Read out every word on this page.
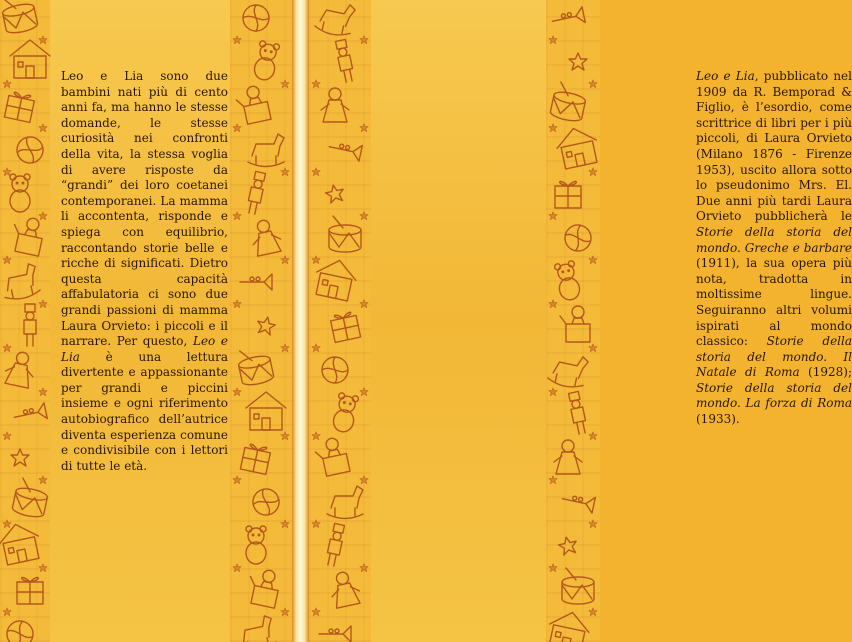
Leo e Lia sono due bambini nati più di cento anni fa, ma hanno le stesse domande, le stesse curiosità nei confronti della vita, la stessa voglia di avere risposte da “grandi” dei loro coetanei contemporanei. La mamma li accontenta, risponde e spiega con equilibrio, raccontando storie belle e ricche di significati. Dietro questa capacità affabulatoria ci sono due grandi passioni di mamma Laura Orvieto: i piccoli e il narrare. Per questo, Leo e Lia è una lettura divertente e appassionante per grandi e piccini insieme e ogni riferimento autobiografico dell’autrice diventa esperienza comune e condivisibile con i lettori di tutte le età.

Leo e Lia, pubblicato nel 1909 da R. Bemporad & Figlio, è l’esordio, come scrittrice di libri per i più piccoli, di Laura Orvieto (Milano 1876 - Firenze 1953), uscito allora sotto lo pseudonimo Mrs. El. Due anni più tardi Laura Orvieto pubblicherà le Storie della storia del mondo. Greche e barbare (1911), la sua opera più nota, tradotta in moltissime lingue. Seguiranno altri volumi ispirati al mondo classico: Storie della storia del mondo. Il Natale di Roma (1928); Storie della storia del mondo. La forza di Roma (1933).
